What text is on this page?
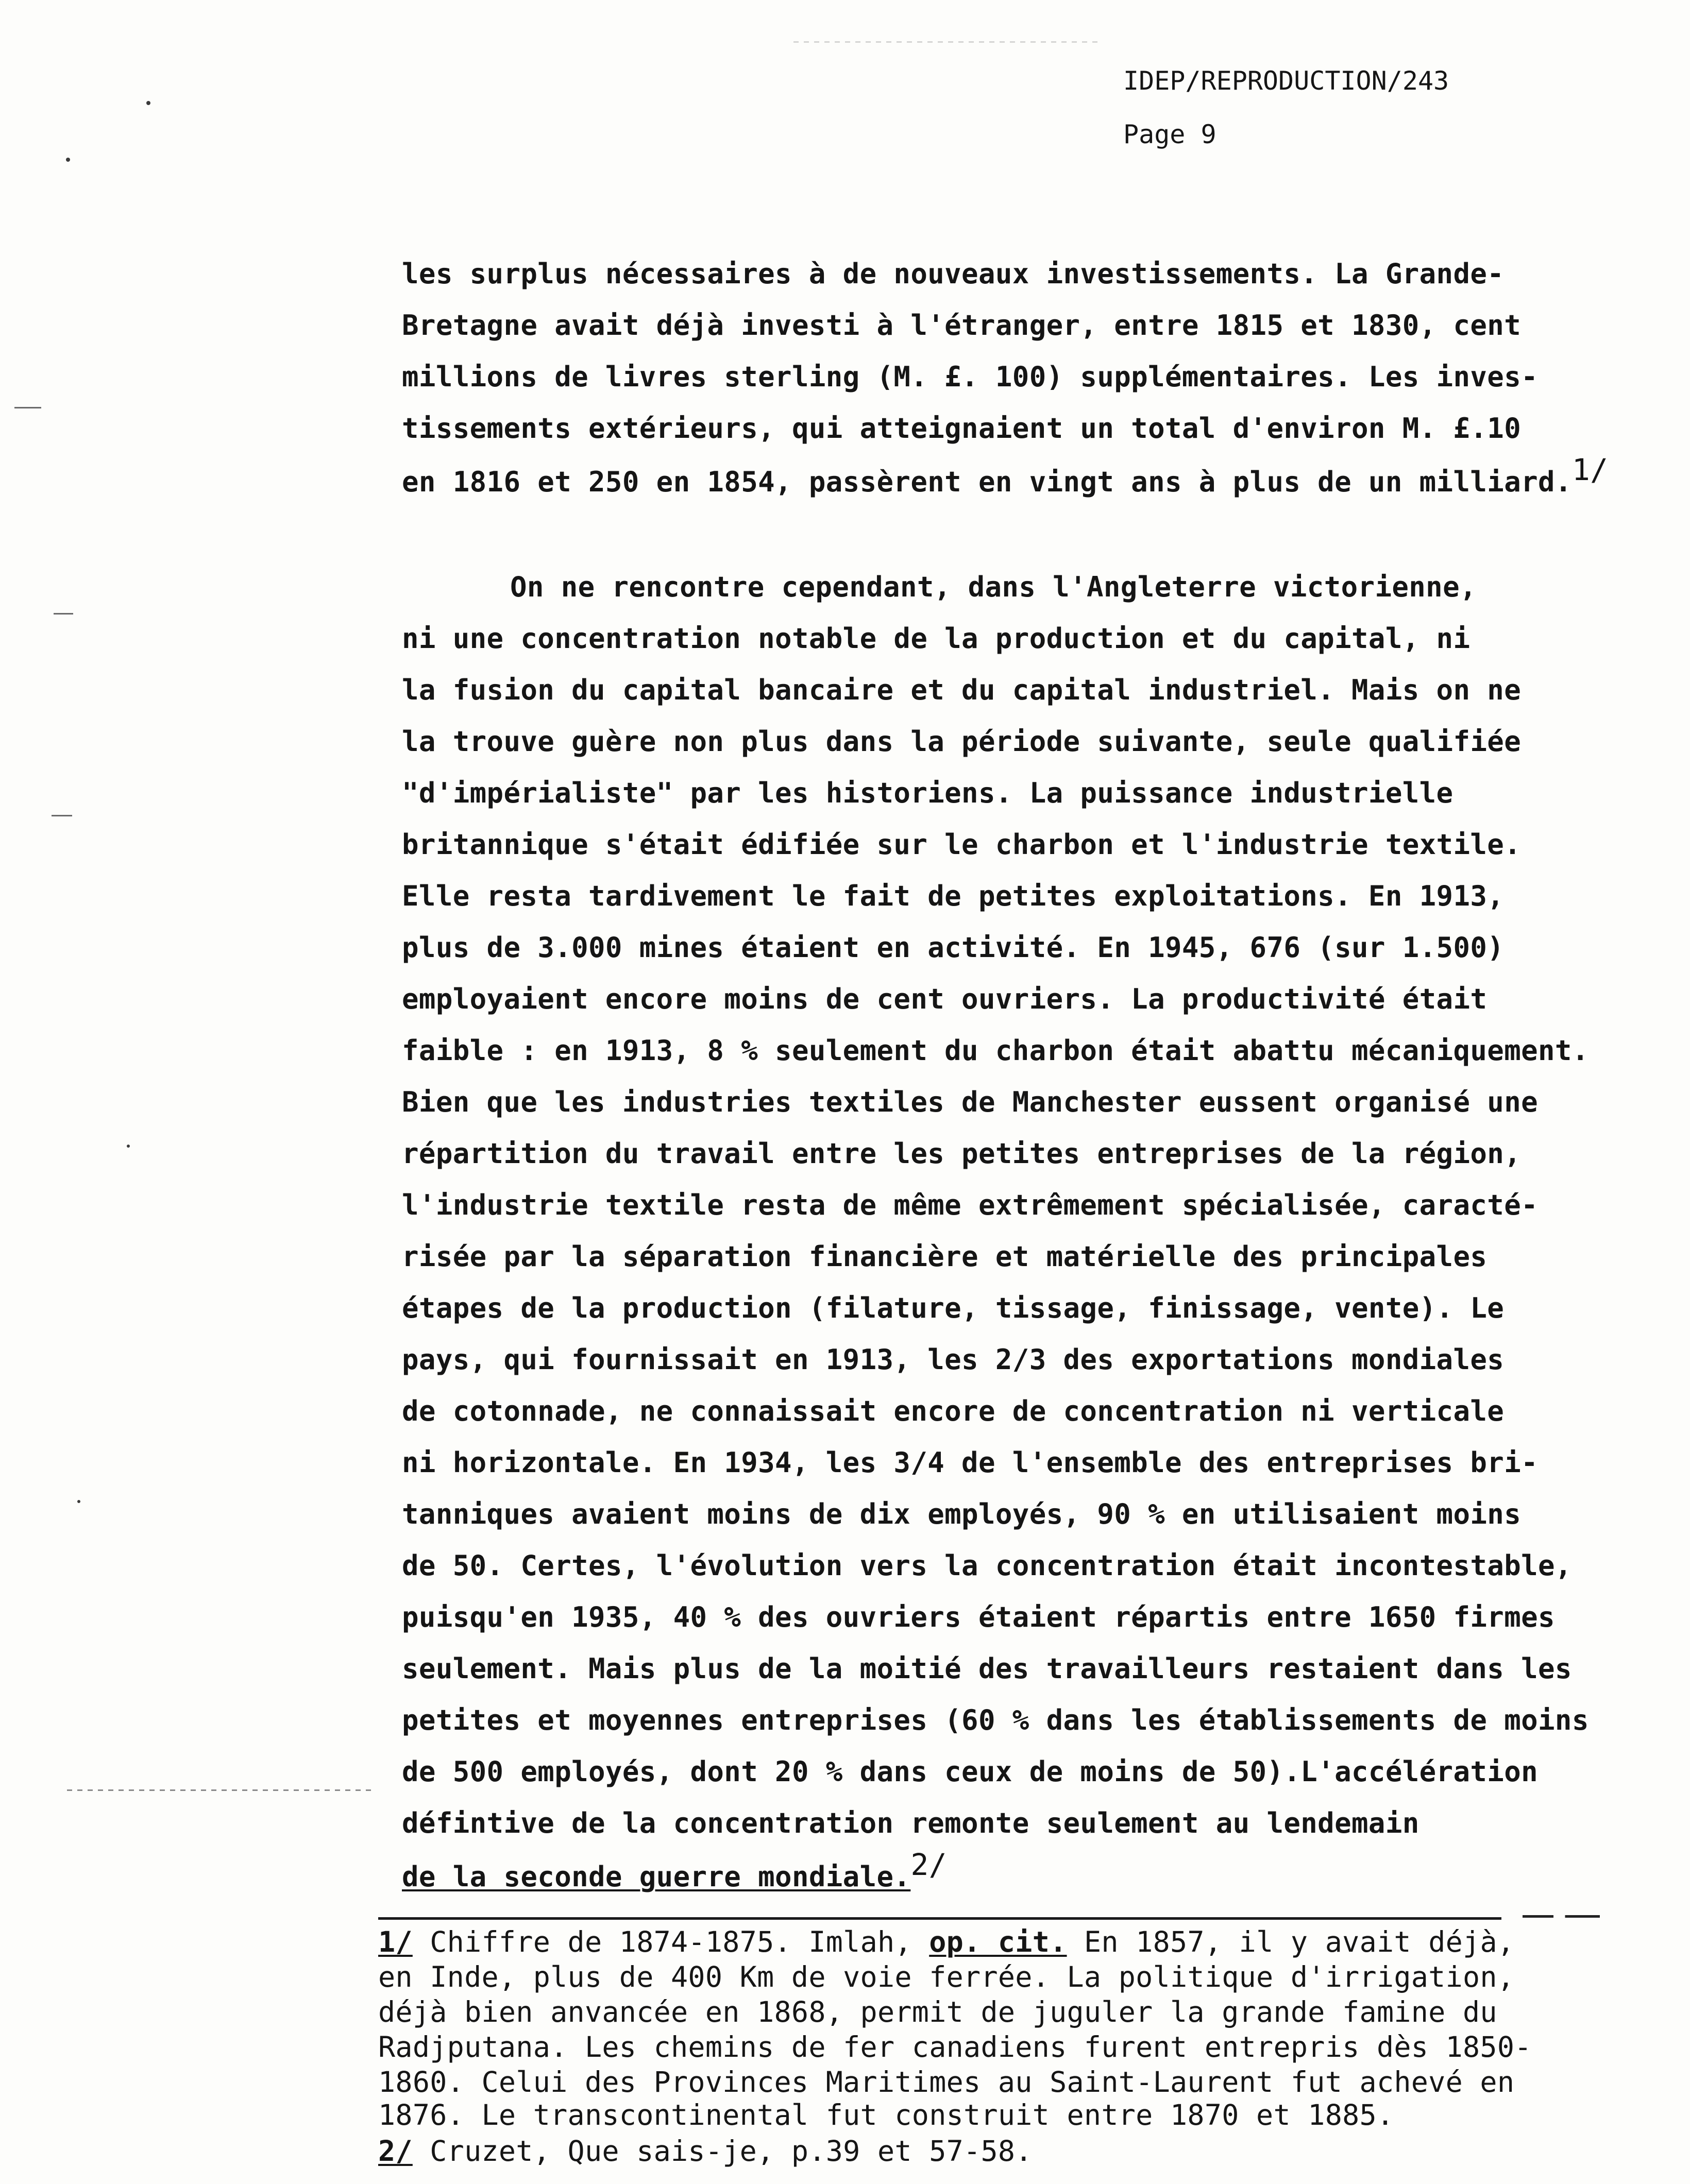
IDEP/REPRODUCTION/243
Page 9
les surplus nécessaires à de nouveaux investissements. La Grande-
Bretagne avait déjà investi à l'étranger, entre 1815 et 1830, cent
millions de livres sterling (M. £. 100) supplémentaires. Les inves-
tissements extérieurs, qui atteignaient un total d'environ M. £.10
en 1816 et 250 en 1854, passèrent en vingt ans à plus de un milliard.1/
On ne rencontre cependant, dans l'Angleterre victorienne,
ni une concentration notable de la production et du capital, ni
la fusion du capital bancaire et du capital industriel. Mais on ne
la trouve guère non plus dans la période suivante, seule qualifiée
"d'impérialiste" par les historiens. La puissance industrielle
britannique s'était édifiée sur le charbon et l'industrie textile.
Elle resta tardivement le fait de petites exploitations. En 1913,
plus de 3.000 mines étaient en activité. En 1945, 676 (sur 1.500)
employaient encore moins de cent ouvriers. La productivité était
faible : en 1913, 8 % seulement du charbon était abattu mécaniquement.
Bien que les industries textiles de Manchester eussent organisé une
répartition du travail entre les petites entreprises de la région,
l'industrie textile resta de même extrêmement spécialisée, caracté-
risée par la séparation financière et matérielle des principales
étapes de la production (filature, tissage, finissage, vente). Le
pays, qui fournissait en 1913, les 2/3 des exportations mondiales
de cotonnade, ne connaissait encore de concentration ni verticale
ni horizontale. En 1934, les 3/4 de l'ensemble des entreprises bri-
tanniques avaient moins de dix employés, 90 % en utilisaient moins
de 50. Certes, l'évolution vers la concentration était incontestable,
puisqu'en 1935, 40 % des ouvriers étaient répartis entre 1650 firmes
seulement. Mais plus de la moitié des travailleurs restaient dans les
petites et moyennes entreprises (60 % dans les établissements de moins
de 500 employés, dont 20 % dans ceux de moins de 50).L'accélération
défintive de la concentration remonte seulement au lendemain
de la seconde guerre mondiale.2/
1/ Chiffre de 1874-1875. Imlah, op. cit. En 1857, il y avait déjà,
en Inde, plus de 400 Km de voie ferrée. La politique d'irrigation,
déjà bien anvancée en 1868, permit de juguler la grande famine du
Radjputana. Les chemins de fer canadiens furent entrepris dès 1850-
1860. Celui des Provinces Maritimes au Saint-Laurent fut achevé en
1876. Le transcontinental fut construit entre 1870 et 1885.
2/ Cruzet, Que sais-je, p.39 et 57-58.
